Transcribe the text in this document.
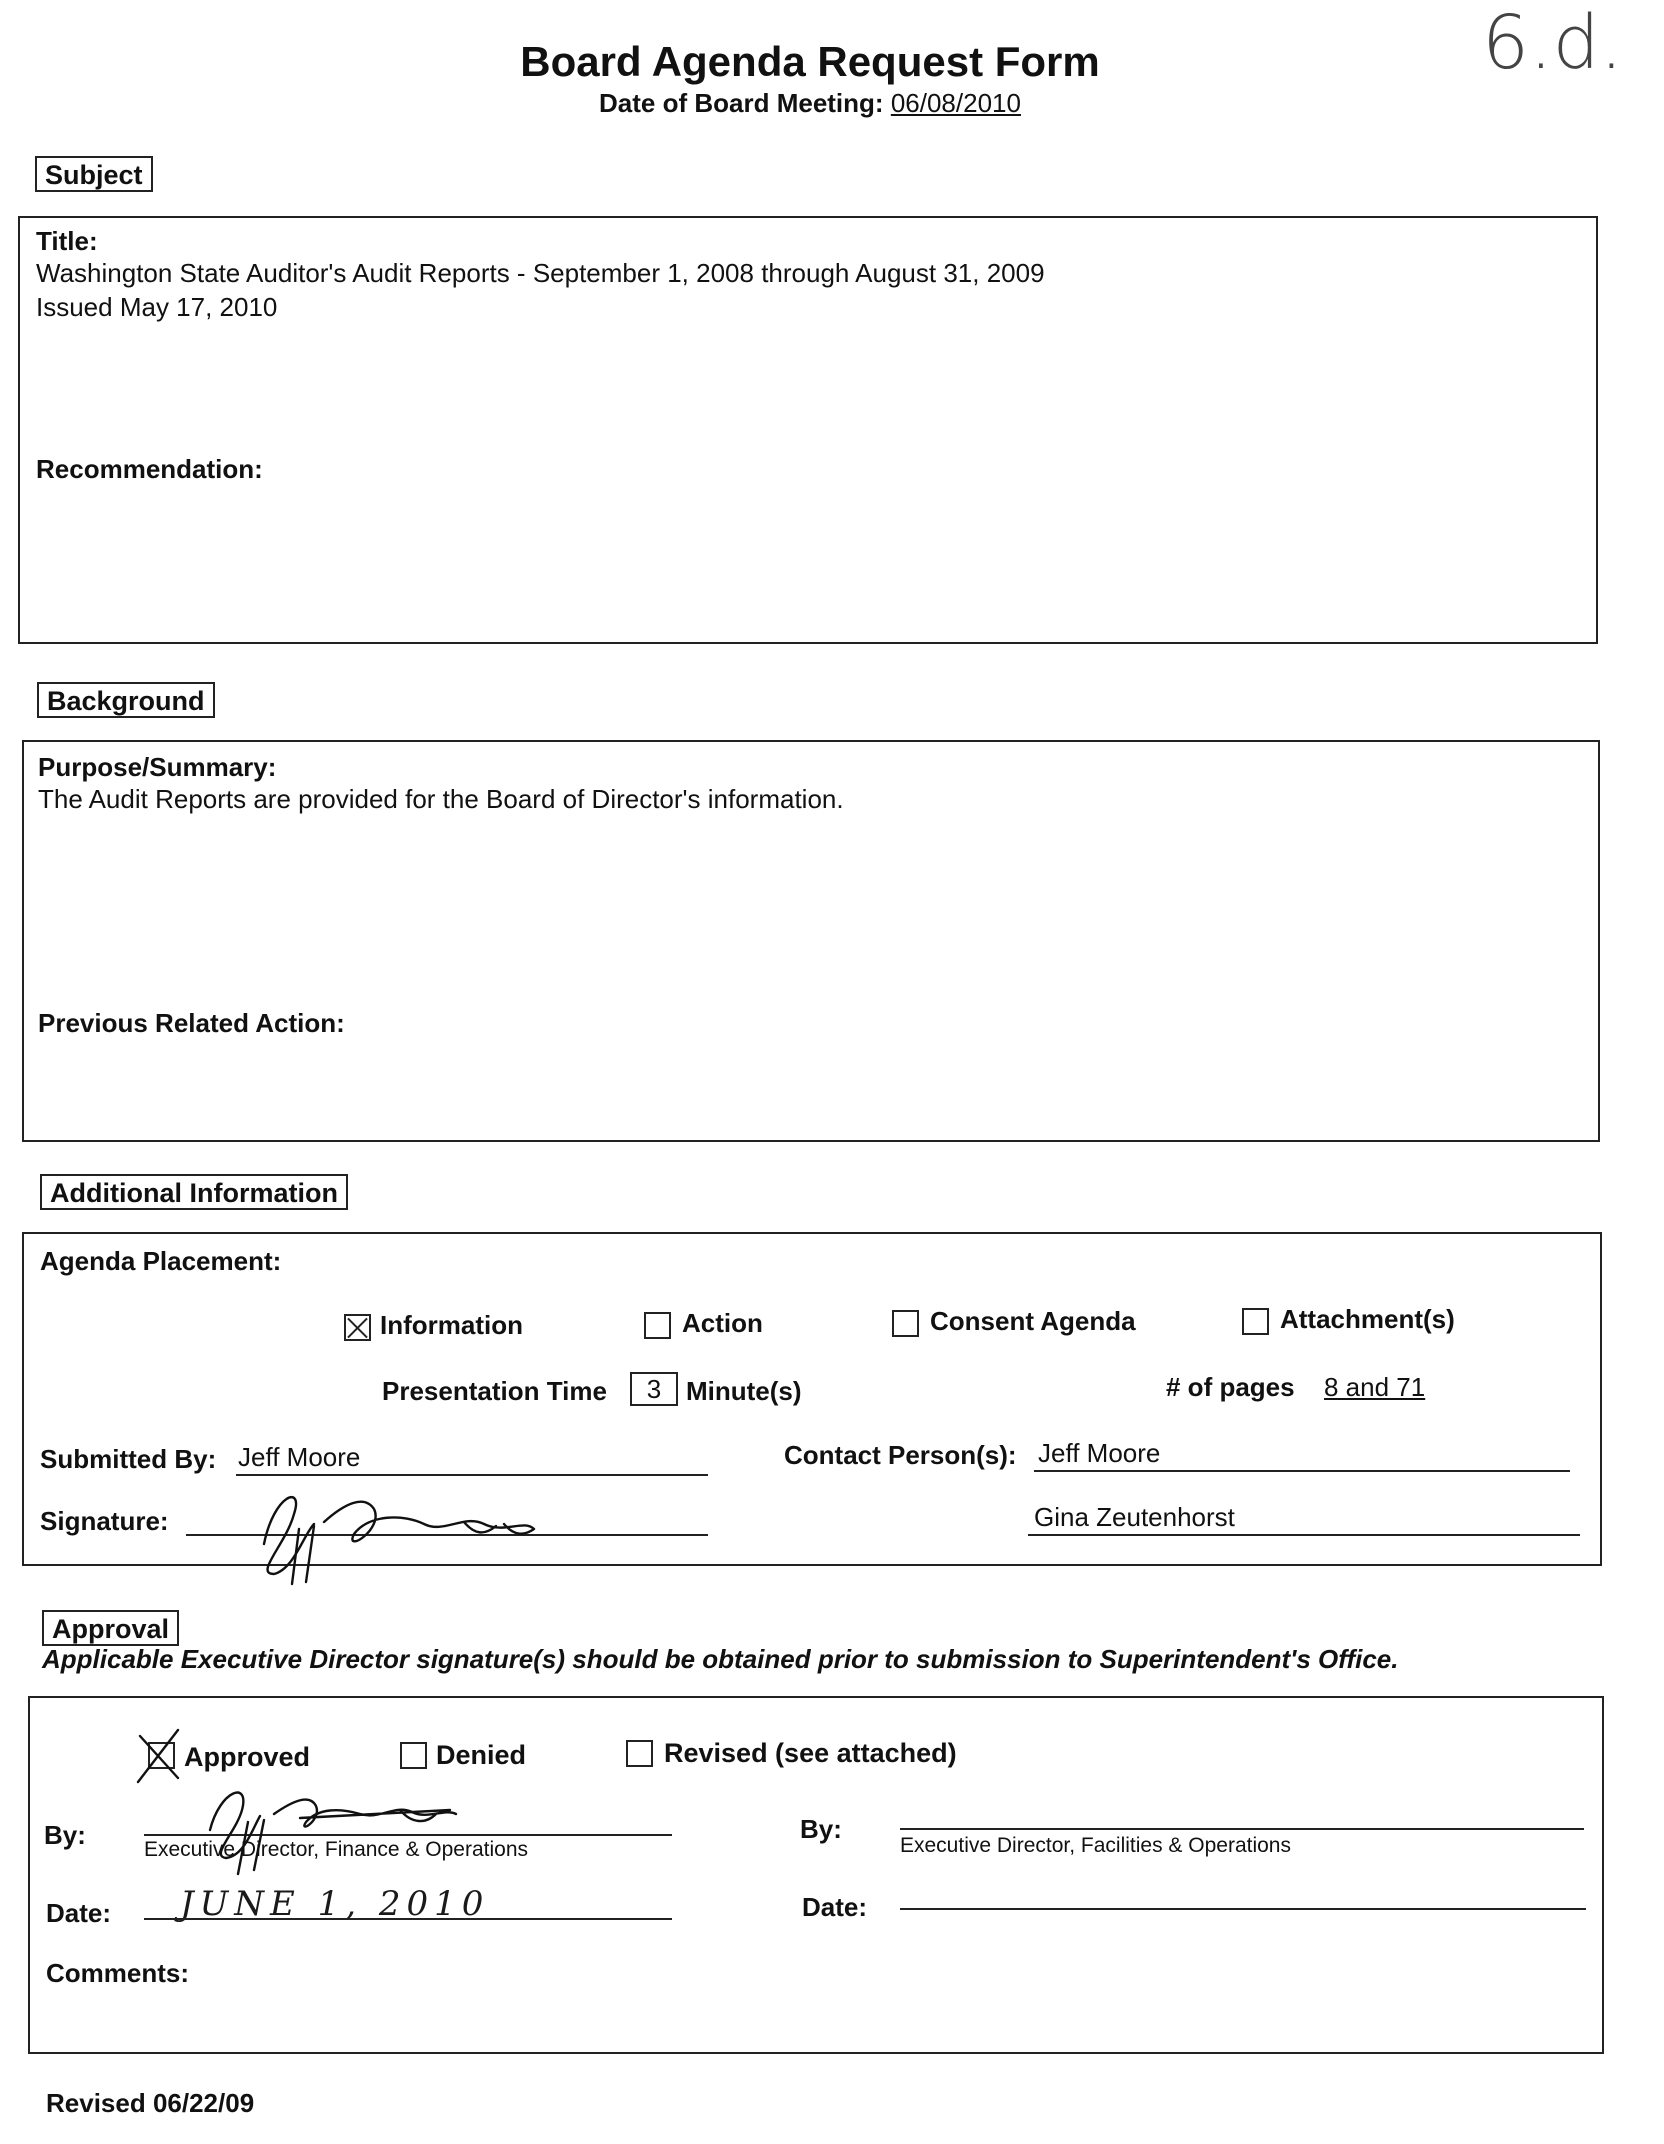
Board Agenda Request Form
Date of Board Meeting: 06/08/2010
6.d.
Subject
Title:
Washington State Auditor's Audit Reports - September 1, 2008 through August 31, 2009
Issued May 17, 2010
Recommendation:
Background
Purpose/Summary:
The Audit Reports are provided for the Board of Director's information.
Previous Related Action:
Additional Information
Agenda Placement:
Information	Action	Consent Agenda	Attachment(s)
Presentation Time	3 Minute(s)	# of pages 8 and 71
Submitted By: Jeff Moore	Contact Person(s): Jeff Moore
Gina Zeutenhorst
Signature:
Approval
Applicable Executive Director signature(s) should be obtained prior to submission to Superintendent's Office.
Approved	Denied	Revised (see attached)
By:	Executive Director, Finance & Operations
By:
Executive Director, Facilities & Operations
Date: JUNE 1, 2010	Date:
Comments:
Revised 06/22/09
